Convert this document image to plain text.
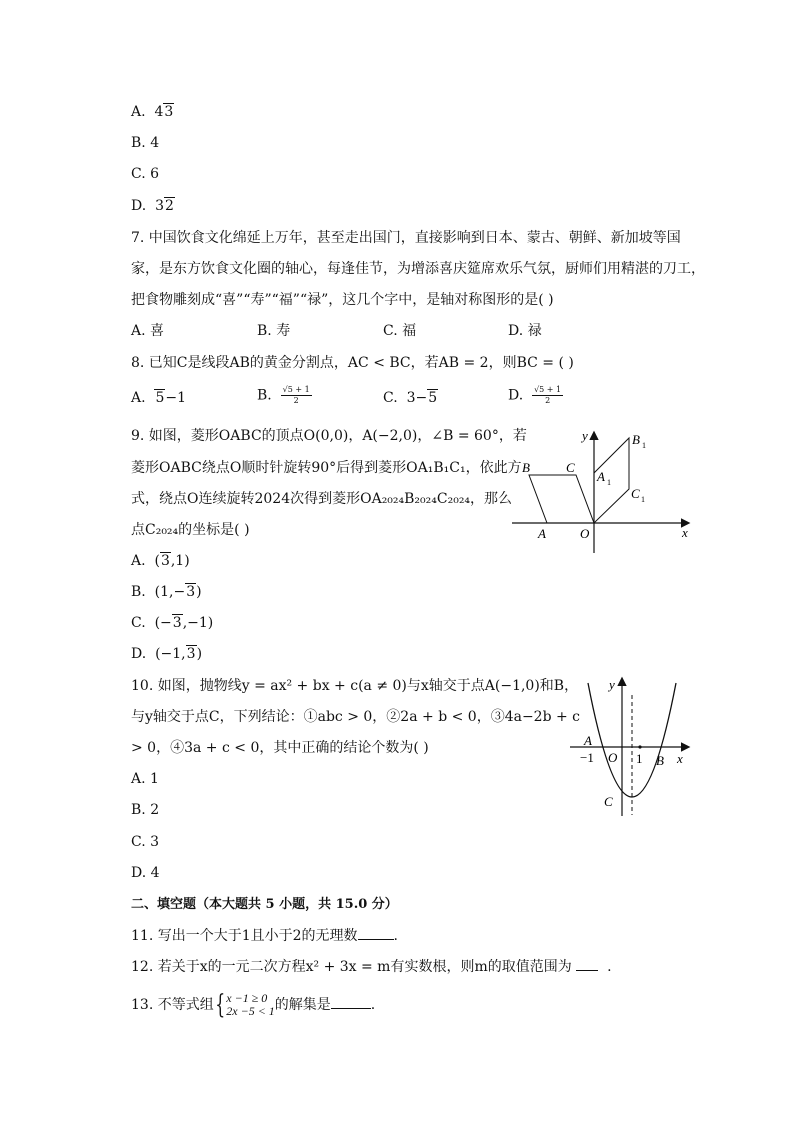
A.  43
B. 4
C. 6
D.  32
7. 中国饮食文化绵延上万年，甚至走出国门，直接影响到日本、蒙古、朝鲜、新加坡等国
家，是东方饮食文化圈的轴心，每逢佳节，为增添喜庆筵席欢乐气氛，厨师们用精湛的刀工，
把食物雕刻成“喜”“寿”“福”“禄”，这几个字中，是轴对称图形的是( )
A. 喜	B. 寿	C. 福	D. 禄
8. 已知C是线段AB的黄金分割点，AC < BC，若AB = 2，则BC = ( )
A.  5−1	B. $\frac{√5 + 1}{2}$	C.  3−5	D. $\frac{√5 + 1}{2}$
9. 如图，菱形OABC的顶点O(0,0)，A(−2,0)，∠B = 60°，若
菱形OABC绕点O顺时针旋转90°后得到菱形OA₁B₁C₁，依此方
式，绕点O连续旋转2024次得到菱形OA₂₀₂₄B₂₀₂₄C₂₀₂₄，那么
点C₂₀₂₄的坐标是( )
A.  (3,1)
B.  (1,−3)
C.  (−3,−1)
D.  (−1,3)
y
x
B	C
A	O
B 1
A 1
C 1
10. 如图，抛物线y = ax² + bx + c(a ≠ 0)与x轴交于点A(−1,0)和B，
与y轴交于点C，下列结论：①abc > 0，②2a + b < 0，③4a−2b + c
> 0，④3a + c < 0，其中正确的结论个数为( )
A. 1
B. 2
C. 3
D. 4
y
x
A
−1 O 1 B
C
二、填空题（本大题共 5 小题，共 15.0 分）
11. 写出一个大于1且小于2的无理数	.
12. 若关于x的一元二次方程x² + 3x = m有实数根，则m的取值范围为   .
13. 不等式组{ x −1 ≥ 0
2x −5 < 1 的解集是	.
